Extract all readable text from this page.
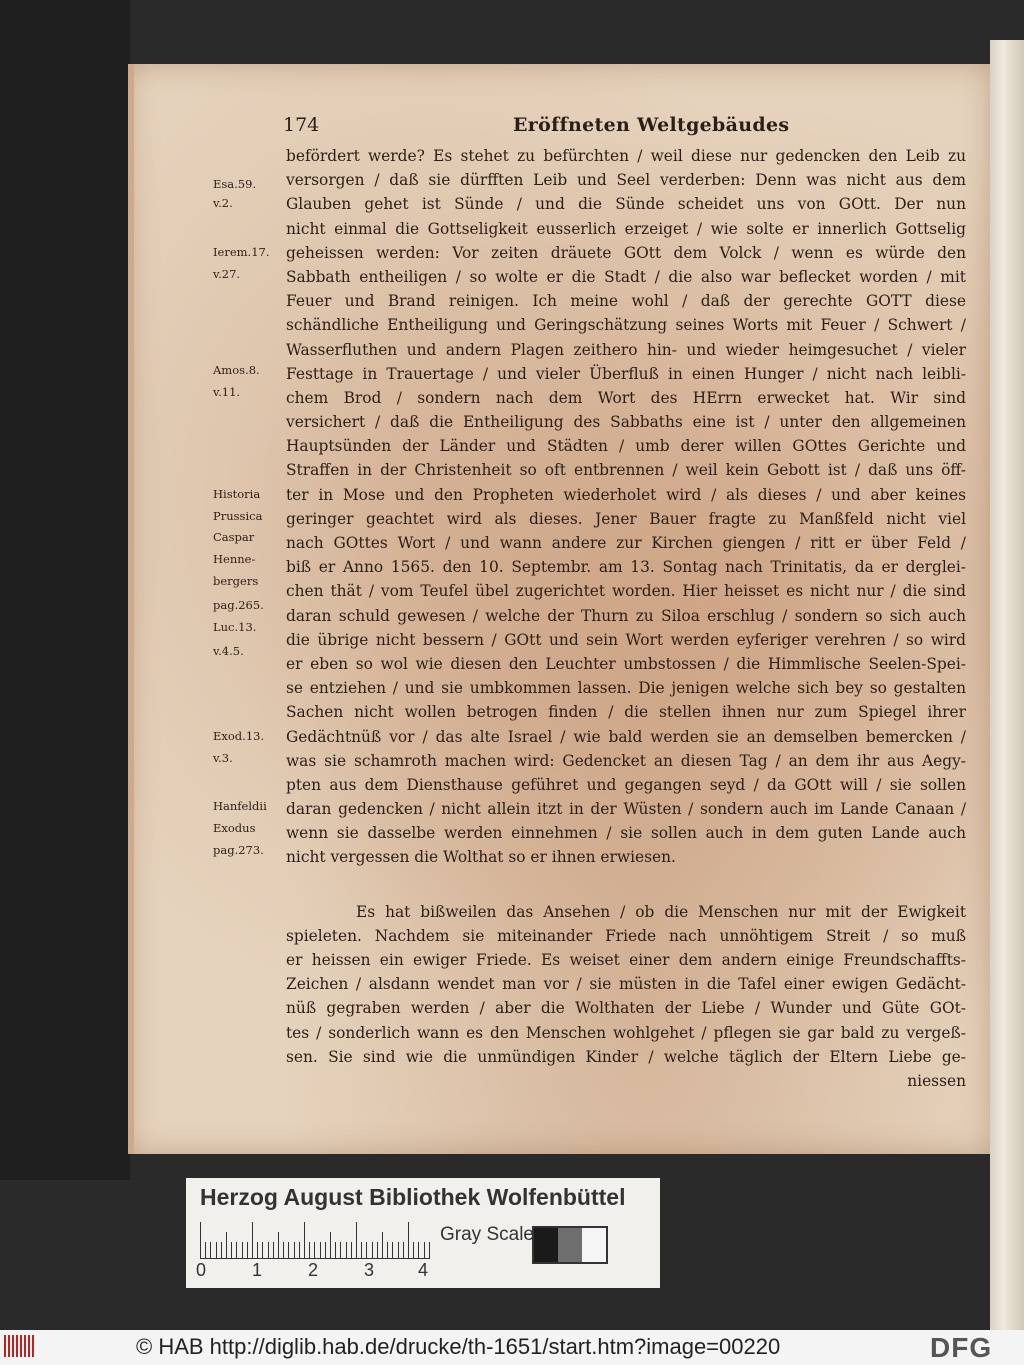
174	Eröffneten Weltgebäudes
Esa.59.
v.2.
Ierem.17.
v.27.
Amos.8.
v.11.
Historia
Prussica
Caspar
Henne-
bergers
pag.265.
Luc.13.
v.4.5.
Exod.13.
v.3.
Hanfeldii
Exodus
pag.273.
befördert werde? Es stehet zu befürchten / weil diese nur gedencken den Leib zu
versorgen / daß sie dürfften Leib und Seel verderben: Denn was nicht aus dem
Glauben gehet ist Sünde / und die Sünde scheidet uns von GOtt. Der nun
nicht einmal die Gottseligkeit eusserlich erzeiget / wie solte er innerlich Gottselig
geheissen werden: Vor zeiten dräuete GOtt dem Volck / wenn es würde den
Sabbath entheiligen / so wolte er die Stadt / die also war beflecket worden / mit
Feuer und Brand reinigen. Ich meine wohl / daß der gerechte GOTT diese
schändliche Entheiligung und Geringschätzung seines Worts mit Feuer / Schwert /
Wasserfluthen und andern Plagen zeithero hin- und wieder heimgesuchet / vieler
Festtage in Trauertage / und vieler Überfluß in einen Hunger / nicht nach leibli-
chem Brod / sondern nach dem Wort des HErrn erwecket hat. Wir sind
versichert / daß die Entheiligung des Sabbaths eine ist / unter den allgemeinen
Hauptsünden der Länder und Städten / umb derer willen GOttes Gerichte und
Straffen in der Christenheit so oft entbrennen / weil kein Gebott ist / daß uns öff-
ter in Mose und den Propheten wiederholet wird / als dieses / und aber keines
geringer geachtet wird als dieses. Jener Bauer fragte zu Manßfeld nicht viel
nach GOttes Wort / und wann andere zur Kirchen giengen / ritt er über Feld /
biß er Anno 1565. den 10. Septembr. am 13. Sontag nach Trinitatis, da er derglei-
chen thät / vom Teufel übel zugerichtet worden. Hier heisset es nicht nur / die sind
daran schuld gewesen / welche der Thurn zu Siloa erschlug / sondern so sich auch
die übrige nicht bessern / GOtt und sein Wort werden eyferiger verehren / so wird
er eben so wol wie diesen den Leuchter umbstossen / die Himmlische Seelen-Spei-
se entziehen / und sie umbkommen lassen. Die jenigen welche sich bey so gestalten
Sachen nicht wollen betrogen finden / die stellen ihnen nur zum Spiegel ihrer
Gedächtnüß vor / das alte Israel / wie bald werden sie an demselben bemercken /
was sie schamroth machen wird: Gedencket an diesen Tag / an dem ihr aus Aegy-
pten aus dem Diensthause geführet und gegangen seyd / da GOtt will / sie sollen
daran gedencken / nicht allein itzt in der Wüsten / sondern auch im Lande Canaan /
wenn sie dasselbe werden einnehmen / sie sollen auch in dem guten Lande auch
nicht vergessen die Wolthat so er ihnen erwiesen.
Es hat bißweilen das Ansehen / ob die Menschen nur mit der Ewigkeit
spieleten. Nachdem sie miteinander Friede nach unnöhtigem Streit / so muß
er heissen ein ewiger Friede. Es weiset einer dem andern einige Freundschaffts-
Zeichen / alsdann wendet man vor / sie müsten in die Tafel einer ewigen Gedächt-
nüß gegraben werden / aber die Wolthaten der Liebe / Wunder und Güte GOt-
tes / sonderlich wann es den Menschen wohlgehet / pflegen sie gar bald zu vergeß-
sen. Sie sind wie die unmündigen Kinder / welche täglich der Eltern Liebe ge-
niessen
Herzog August Bibliothek Wolfenbüttel
0	1	2	3 4
Gray Scale
© HAB http://diglib.hab.de/drucke/th-1651/start.htm?image=00220	DFG
